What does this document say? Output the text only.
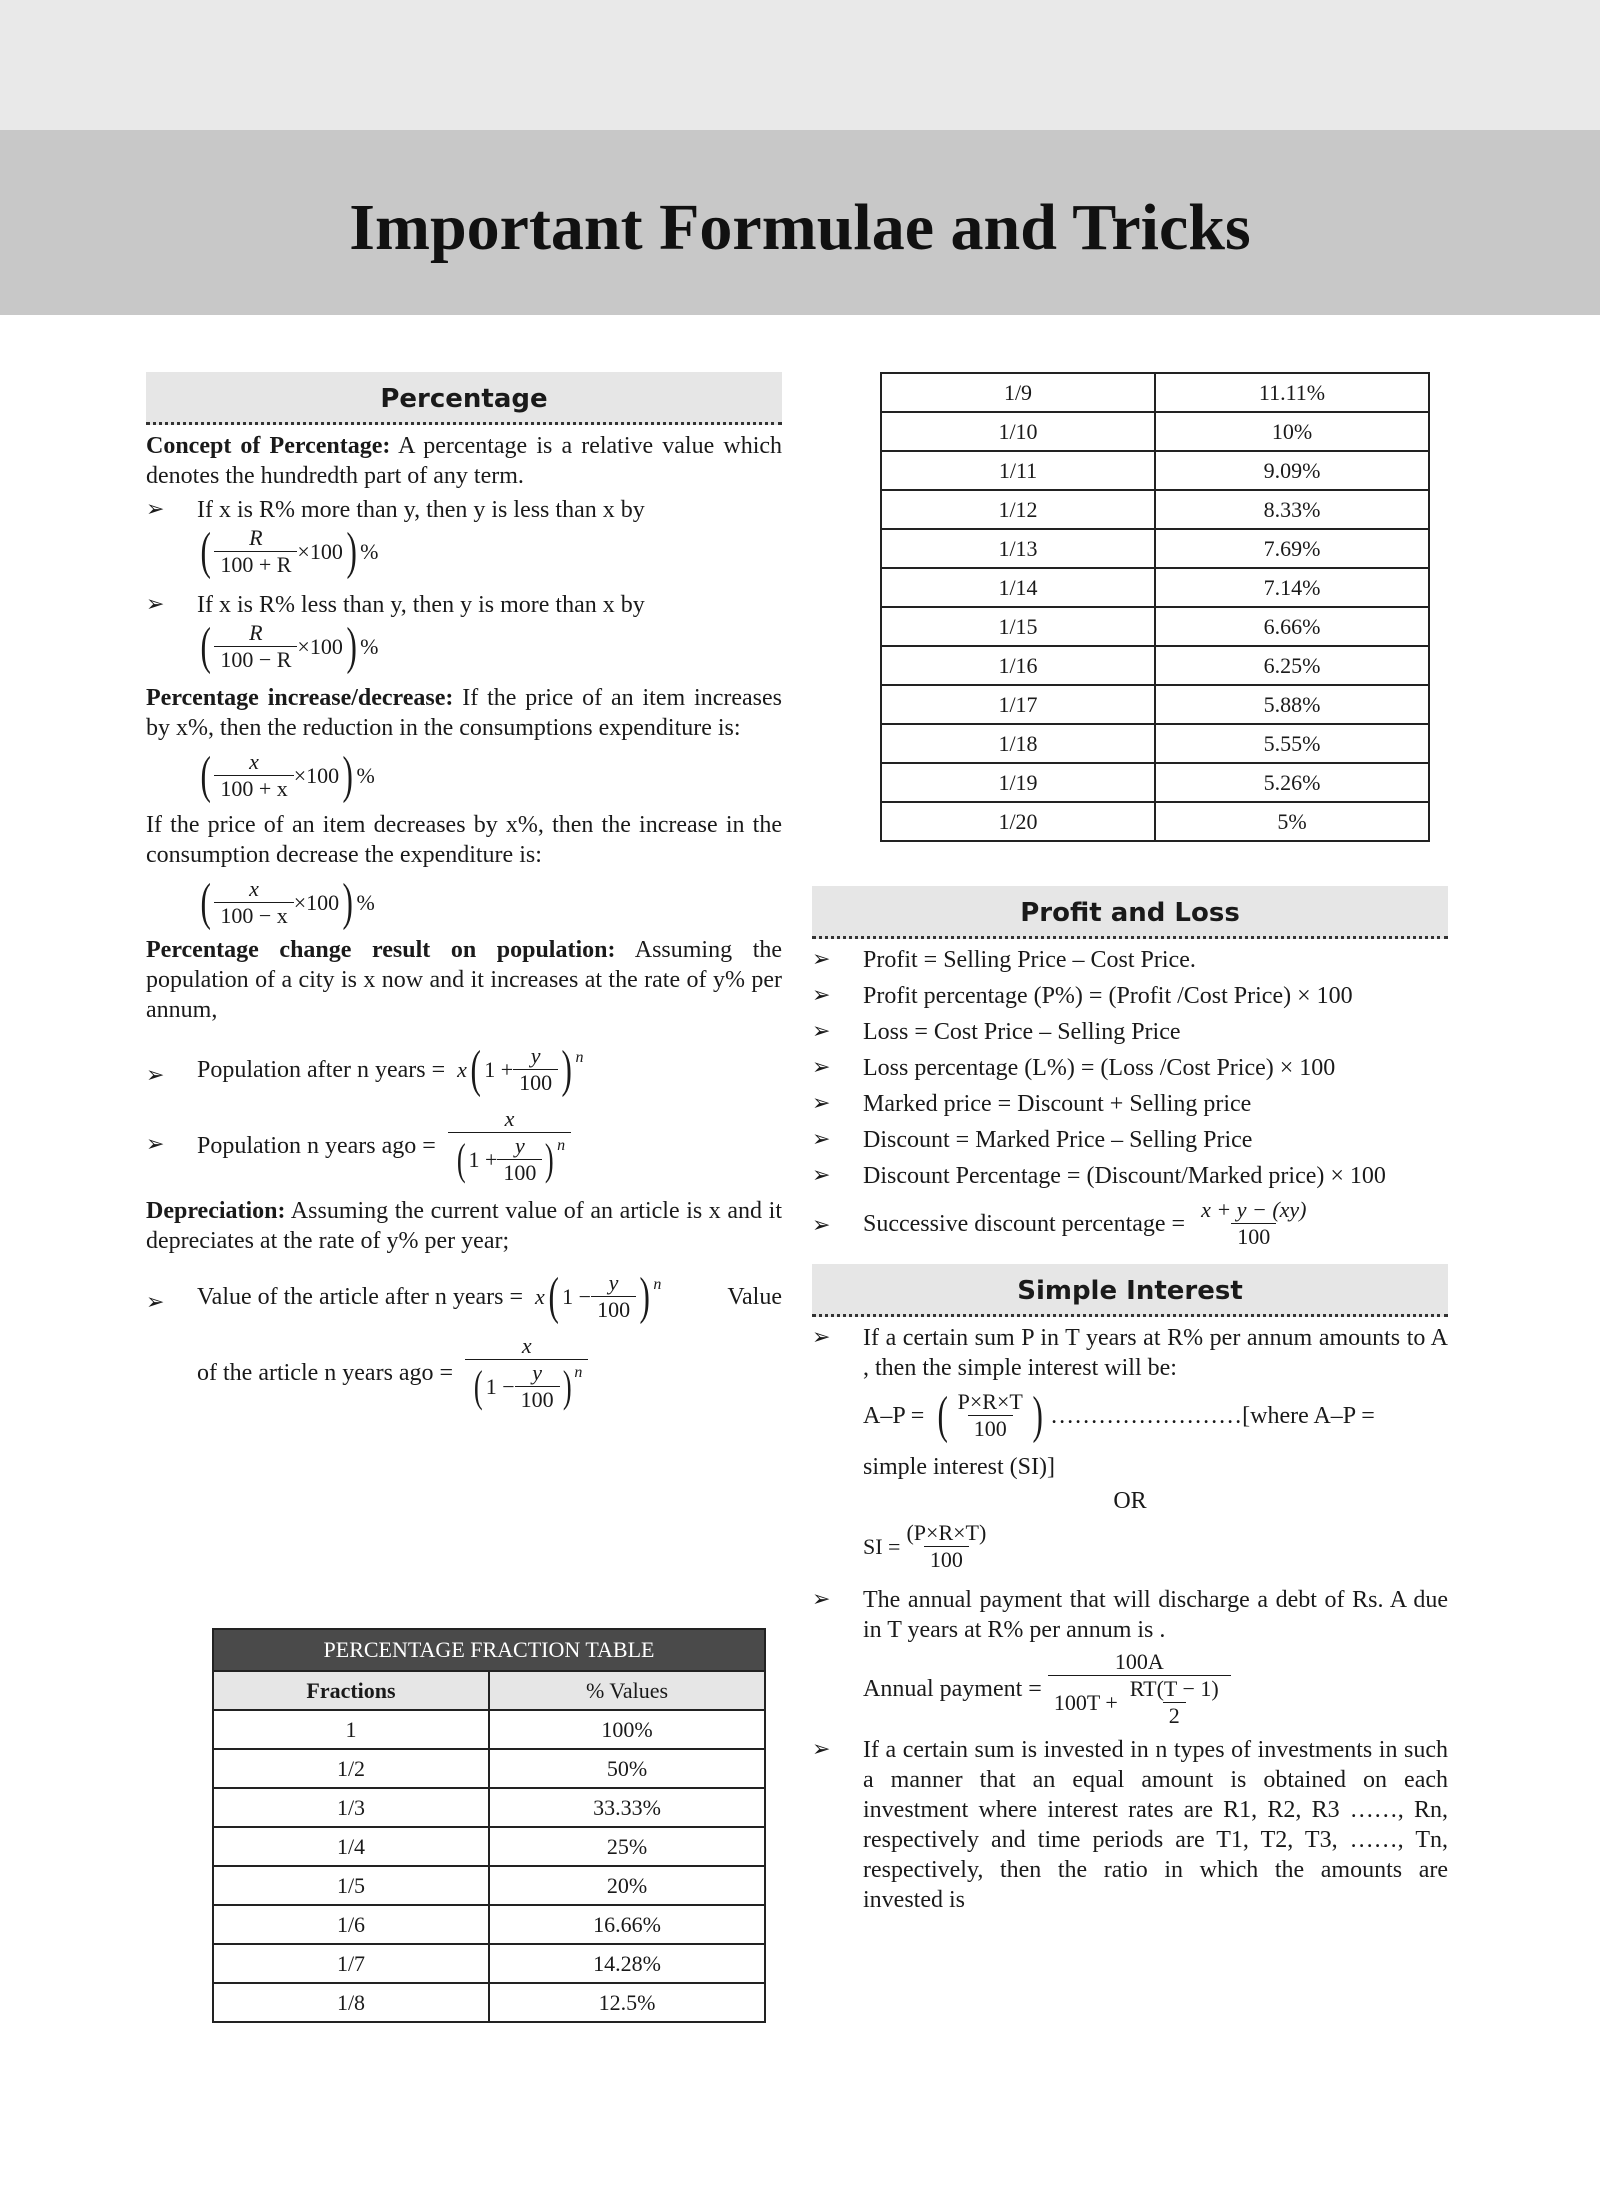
Important Formulae and Tricks
Percentage

Concept of Percentage: A percentage is a relative value which denotes the hundredth part of any term.

➢ If x is R% more than y, then y is less than x by

( $\frac{R}{100 + R} \times 100$ ) %
➢ If x is R% less than y, then y is more than x by

( $\frac{R}{100 - R} \times 100$ ) %

Percentage increase/decrease: If the price of an item increases by x%, then the reduction in the consumptions expenditure is:

( $\frac{x}{100 + x} \times 100$ ) %

If the price of an item decreases by x%, then the increase in the consumption decrease the expenditure is:

( $\frac{x}{100 - x} \times 100$ ) %

Percentage change result on population: Assuming the population of a city is x now and it increases at the rate of y% per annum,

➢ Population after n years = x ( $1 + \frac{y}{100} )^n$
➢ Population n years ago = $\frac{x}{( 1 + \frac{y}{100} )^n}$

Depreciation: Assuming the current value of an article is x and it depreciates at the rate of y% per year;

➢ Value of the article after n years = x ( $1 - \frac{y}{100} )^n$	Value
of the article n years ago = $\frac{x}{( 1 - \frac{y}{100} )^n}$
PERCENTAGE FRACTION TABLE	
Fractions	% Values
1	100%
1/2	50%
1/3	33.33%
1/4	25%
1/5	20%
1/6	16.66%
1/7	14.28%
1/8	12.5%
1/9	11.11%
1/10	10%
1/11	9.09%
1/12	8.33%
1/13	7.69%
1/14	7.14%
1/15	6.66%
1/16	6.25%
1/17	5.88%
1/18	5.55%
1/19	5.26%
1/20	5%
Profit and Loss
➢ Profit = Selling Price – Cost Price.
➢ Profit percentage (P%) = (Profit /Cost Price) × 100
➢ Loss = Cost Price – Selling Price
➢ Loss percentage (L%) = (Loss /Cost Price) × 100
➢ Marked price = Discount + Selling price
➢ Discount = Marked Price – Selling Price
➢ Discount Percentage = (Discount/Marked price) × 100
➢ Successive discount percentage = $\frac{x + y - (xy)}{100}$
Simple Interest
➢ If a certain sum P in T years at R% per annum amounts to A , then the simple interest will be:

A–P = ( $\frac{P\times R\times T}{100}$ ) ……………………[where A–P =

simple interest (SI)]

OR

SI = $\frac{(P\times R\times T)}{100}$
➢ The annual payment that will discharge a debt of Rs. A due in T years at R% per annum is .

Annual payment = $\frac{100A}{100T + \frac{RT(T - 1)}{2}}$
➢ If a certain sum is invested in n types of investments in such a manner that an equal amount is obtained on each investment where interest rates are R1, R2, R3 ……, Rn, respectively and time periods are T1, T2, T3, ……, Tn, respectively, then the ratio in which the amounts are invested is
